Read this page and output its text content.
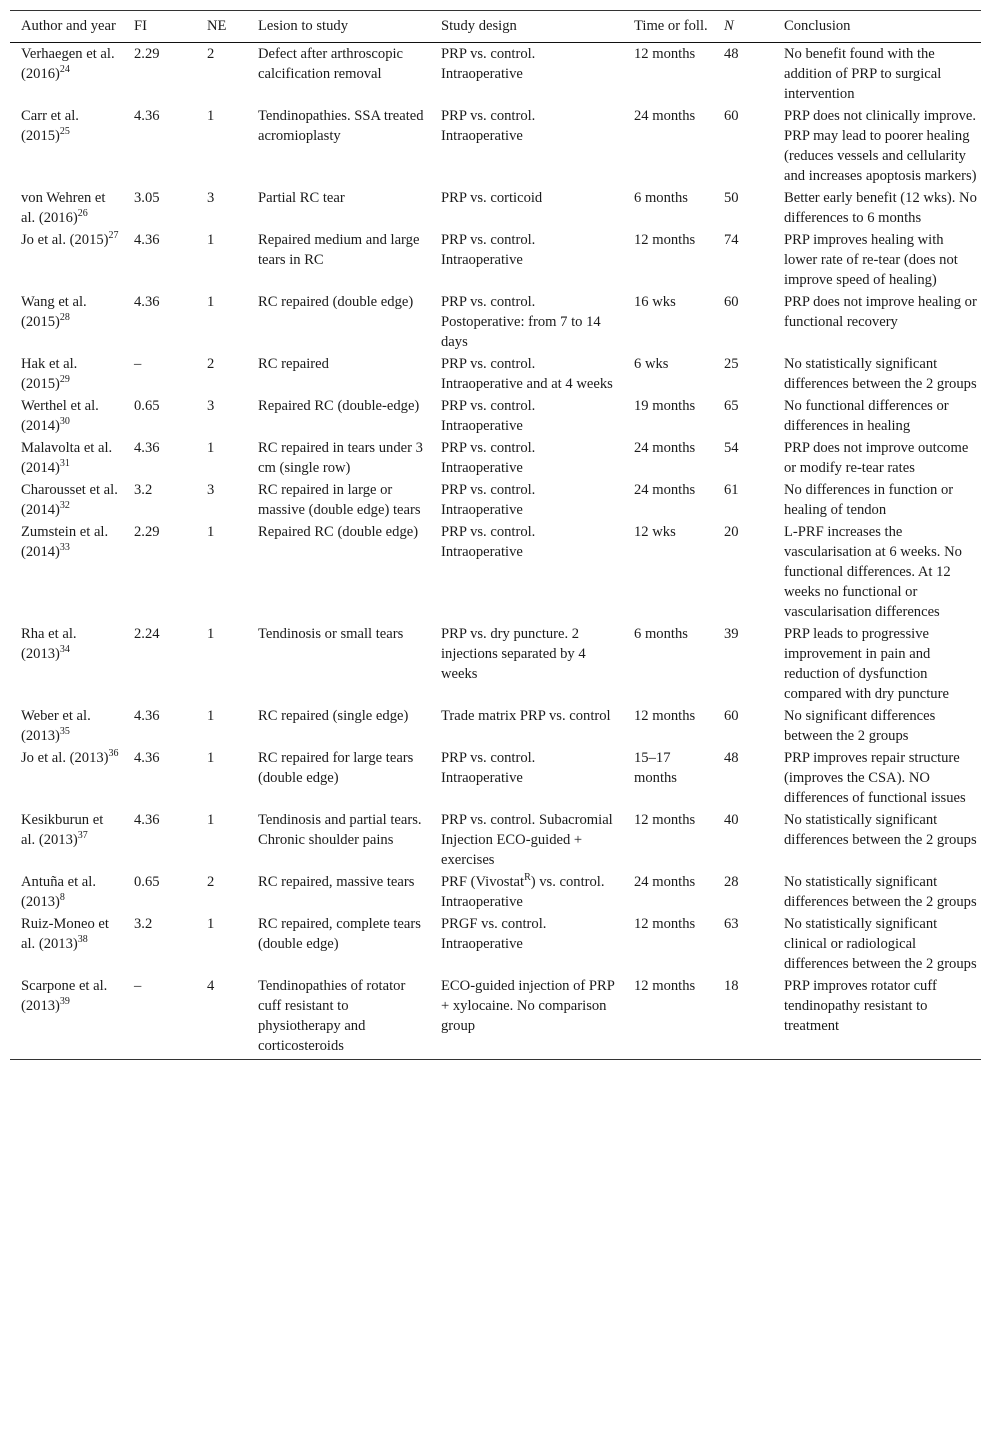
Author and year	FI	NE	Lesion to study	Study design	Time or foll.	N	Conclusion
Verhaegen et al. $(2016)^{24}$	2.29	2	Defect after arthroscopic calcification removal	PRP vs. control. Intraoperative	12 months	48	No benefit found with the addition of PRP to surgical intervention
Carr et al. $(2015)^{25}$	4.36	1	Tendinopathies. SSA treated acromioplasty	PRP vs. control. Intraoperative	24 months	60	PRP does not clinically improve. PRP may lead to poorer healing (reduces vessels and cellularity and increases apoptosis markers)
von Wehren et al. $(2016)^{26}$	3.05	3	Partial RC tear	PRP vs. corticoid	6 months	50	Better early benefit (12 wks). No differences to 6 months
Jo et al. $(2015)^{27}$	4.36	1	Repaired medium and large tears in RC	PRP vs. control. Intraoperative	12 months	74	PRP improves healing with lower rate of re-tear (does not improve speed of healing)
Wang et al. $(2015)^{28}$	4.36	1	RC repaired (double edge)	PRP vs. control. Postoperative: from 7 to 14 days	16 wks	60	PRP does not improve healing or functional recovery
Hak et al. $(2015)^{29}$	–	2	RC repaired	PRP vs. control. Intraoperative and at 4 weeks	6 wks	25	No statistically significant differences between the 2 groups
Werthel et al. $(2014)^{30}$	0.65	3	Repaired RC (double-edge)	PRP vs. control. Intraoperative	19 months	65	No functional differences or differences in healing
Malavolta et al. $(2014)^{31}$	4.36	1	RC repaired in tears under 3 cm (single row)	PRP vs. control. Intraoperative	24 months	54	PRP does not improve outcome or modify re-tear rates
Charousset et al. $(2014)^{32}$	3.2	3	RC repaired in large or massive (double edge) tears	PRP vs. control. Intraoperative	24 months	61	No differences in function or healing of tendon
Zumstein et al. $(2014)^{33}$	2.29	1	Repaired RC (double edge)	PRP vs. control. Intraoperative	12 wks	20	L-PRF increases the vascularisation at 6 weeks. No functional differences. At 12 weeks no functional or vascularisation differences
Rha et al. $(2013)^{34}$	2.24	1	Tendinosis or small tears	PRP vs. dry puncture. 2 injections separated by 4 weeks	6 months	39	PRP leads to progressive improvement in pain and reduction of dysfunction compared with dry puncture
Weber et al. $(2013)^{35}$	4.36	1	RC repaired (single edge)	Trade matrix PRP vs. control	12 months	60	No significant differences between the 2 groups
Jo et al. $(2013)^{36}$	4.36	1	RC repaired for large tears (double edge)	PRP vs. control. Intraoperative	15–17 months	48	PRP improves repair structure (improves the CSA). NO differences of functional issues
Kesikburun et al. $(2013)^{37}$	4.36	1	Tendinosis and partial tears. Chronic shoulder pains	PRP vs. control. Subacromial Injection ECO-guided + exercises	12 months	40	No statistically significant differences between the 2 groups
Antuña et al. $(2013)^8$	0.65	2	RC repaired, massive tears	PRF (Vivostat$^R$) vs. control. Intraoperative	24 months	28	No statistically significant differences between the 2 groups
Ruiz-Moneo et al. $(2013)^{38}$	3.2	1	RC repaired, complete tears (double edge)	PRGF vs. control. Intraoperative	12 months	63	No statistically significant clinical or radiological differences between the 2 groups
Scarpone et al. $(2013)^{39}$	–	4	Tendinopathies of rotator cuff resistant to physiotherapy and corticosteroids	ECO-guided injection of PRP + xylocaine. No comparison group	12 months	18	PRP improves rotator cuff tendinopathy resistant to treatment
